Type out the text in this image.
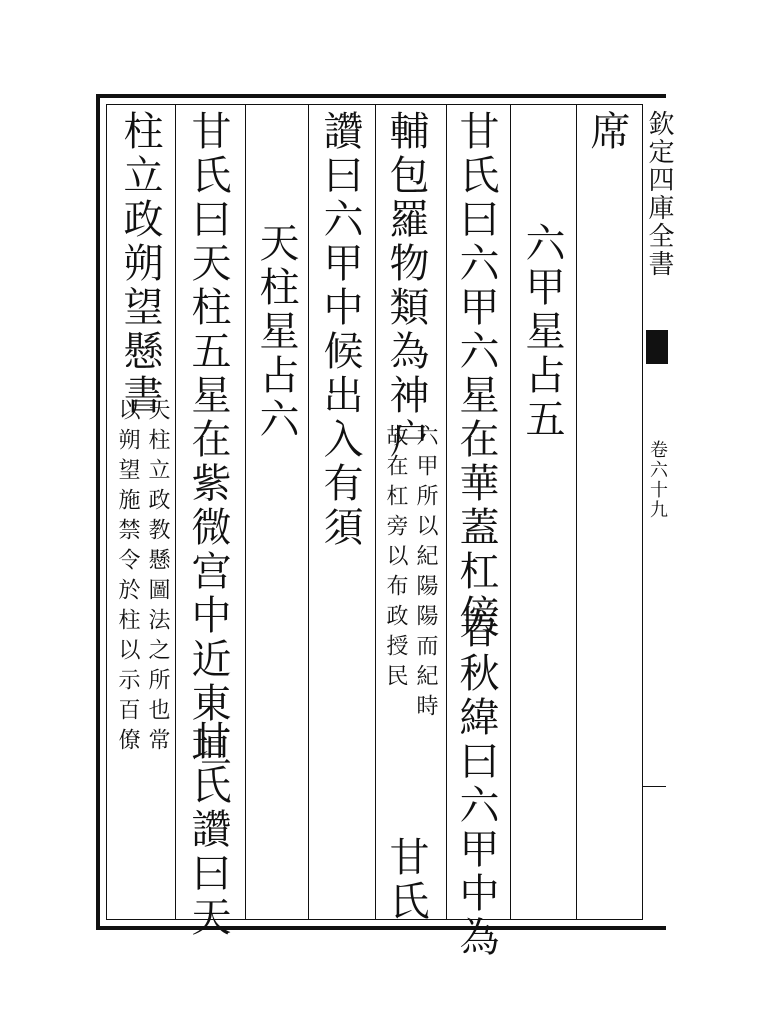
欽定四庫全書
卷六十九
席
六甲星占五
甘氏曰六甲六星在華蓋杠傍
春秋緯曰六甲中為
輔包羅物類為神户
六甲所以紀陽陽而紀時
故在杠旁以布政授民
甘氏
讚曰六甲中候出入有須
天柱星占六
甘氏曰天柱五星在紫微宫中近東垣
甘氏讚曰天
柱立政朔望懸書
天柱立政教懸圖法之所也常
以朔望施禁令於柱以示百僚
